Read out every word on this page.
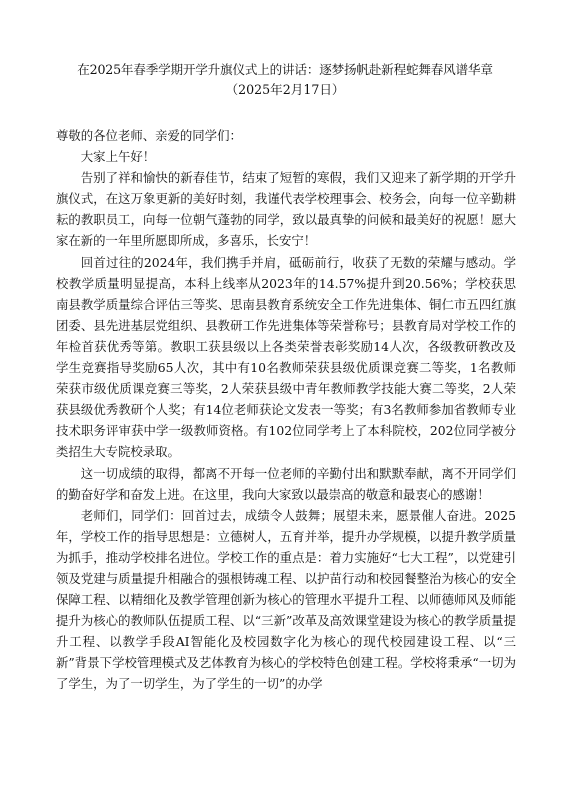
在2025年春季学期开学升旗仪式上的讲话：逐梦扬帆赴新程蛇舞春风谱华章
（2025年2月17日）

尊敬的各位老师、亲爱的同学们：

大家上午好！

告别了祥和愉快的新春佳节，结束了短暂的寒假，我们又迎来了新学期的开学升旗仪式，在这万象更新的美好时刻，我谨代表学校理事会、校务会，向每一位辛勤耕耘的教职员工，向每一位朝气蓬勃的同学，致以最真挚的问候和最美好的祝愿！愿大家在新的一年里所愿即所成，多喜乐，长安宁！

回首过往的2024年，我们携手并肩，砥砺前行，收获了无数的荣耀与感动。学校教学质量明显提高，本科上线率从2023年的14.57%提升到20.56%；学校获思南县教学质量综合评估三等奖、思南县教育系统安全工作先进集体、铜仁市五四红旗团委、县先进基层党组织、县教研工作先进集体等荣誉称号；县教育局对学校工作的年检首获优秀等第。教职工获县级以上各类荣誉表彰奖励14人次，各级教研教改及学生竞赛指导奖励65人次，其中有10名教师荣获县级优质课竞赛二等奖，1名教师荣获市级优质课竞赛三等奖，2人荣获县级中青年教师教学技能大赛二等奖，2人荣获县级优秀教研个人奖；有14位老师获论文发表一等奖；有3名教师参加省教师专业技术职务评审获中学一级教师资格。有102位同学考上了本科院校，202位同学被分类招生大专院校录取。

这一切成绩的取得，都离不开每一位老师的辛勤付出和默默奉献，离不开同学们的勤奋好学和奋发上进。在这里，我向大家致以最崇高的敬意和最衷心的感谢！

老师们，同学们：回首过去，成绩令人鼓舞；展望未来，愿景催人奋进。2025年，学校工作的指导思想是：立德树人，五育并举，提升办学规模，以提升教学质量为抓手，推动学校排名进位。学校工作的重点是：着力实施好“七大工程”，以党建引领及党建与质量提升相融合的强根铸魂工程、以护苗行动和校园餐整治为核心的安全保障工程、以精细化及教学管理创新为核心的管理水平提升工程、以师德师风及师能提升为核心的教师队伍提质工程、以“三新”改革及高效课堂建设为核心的教学质量提升工程、以教学手段AI智能化及校园数字化为核心的现代校园建设工程、以“三新”背景下学校管理模式及艺体教育为核心的学校特色创建工程。学校将秉承“一切为了学生，为了一切学生，为了学生的一切”的办学
